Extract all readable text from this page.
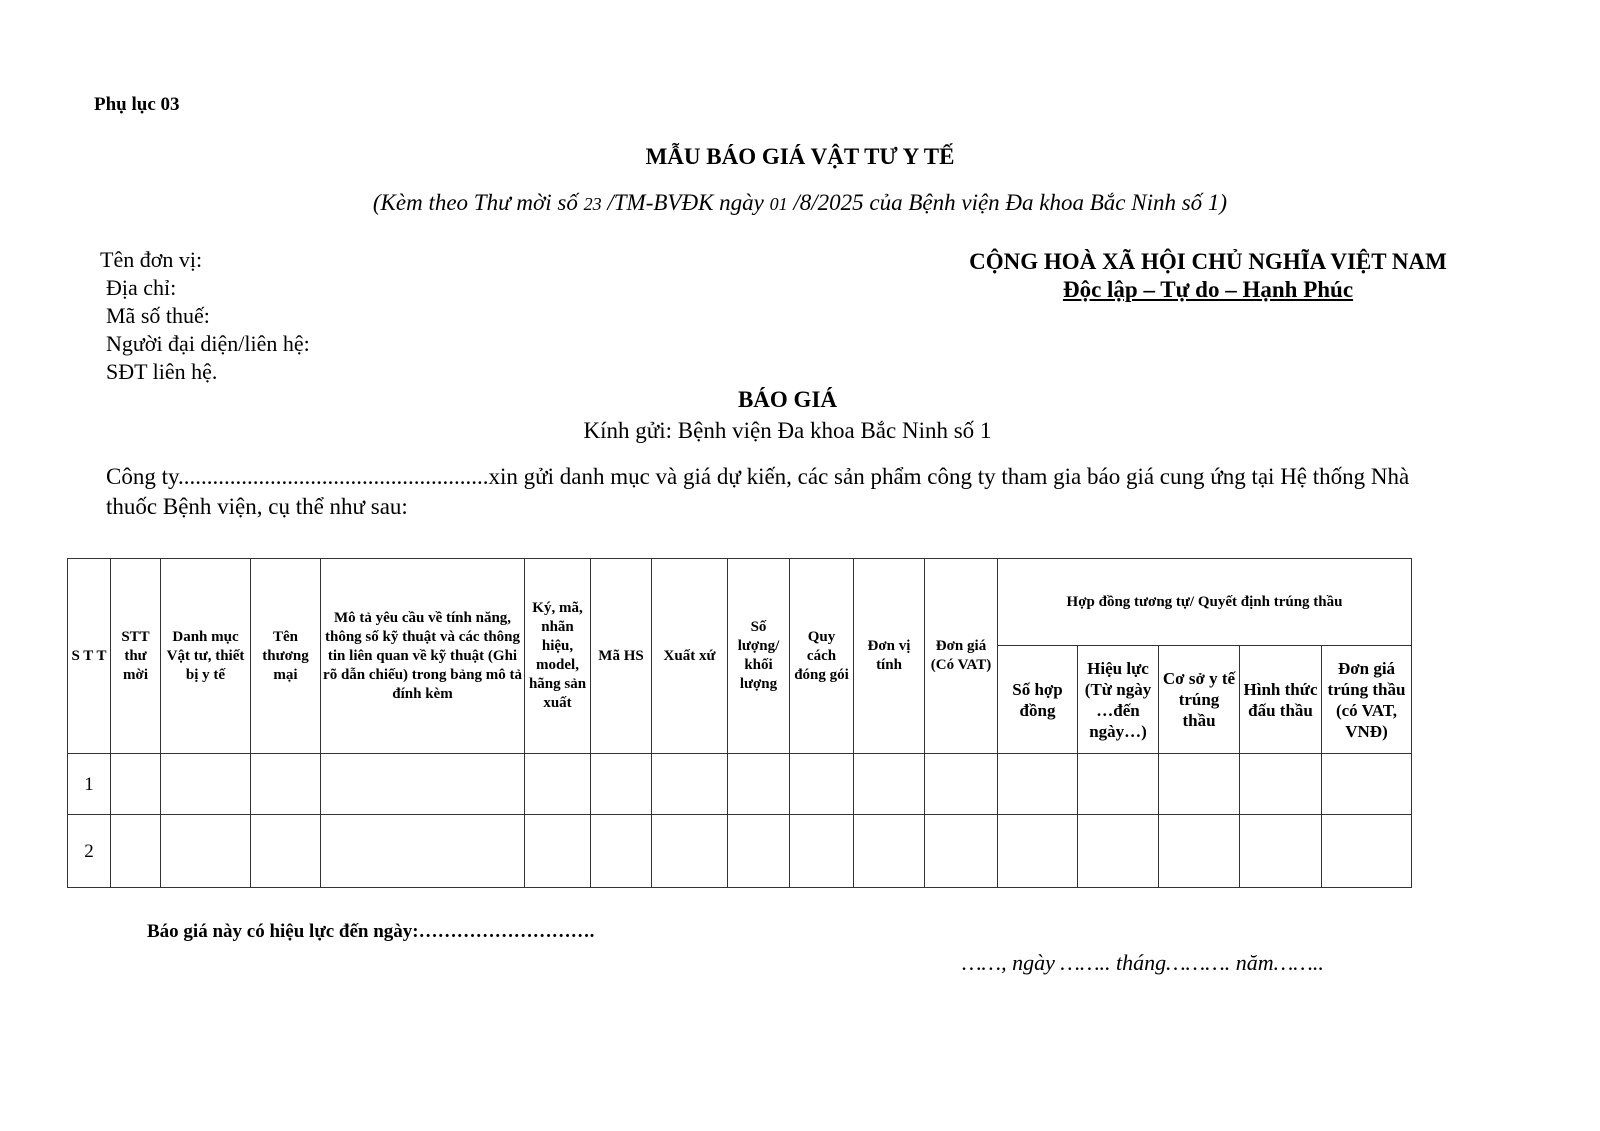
Phụ lục 03
MẪU BÁO GIÁ VẬT TƯ Y TẾ
(Kèm theo Thư mời số 23 /TM-BVĐK ngày 01 /8/2025 của Bệnh viện Đa khoa Bắc Ninh số 1)
Tên đơn vị:
Địa chỉ:
Mã số thuế:
Người đại diện/liên hệ:
SĐT liên hệ.
CỘNG HOÀ XÃ HỘI CHỦ NGHĨA VIỆT NAM
Độc lập – Tự do – Hạnh Phúc
BÁO GIÁ
Kính gửi: Bệnh viện Đa khoa Bắc Ninh số 1
Công ty......................................................xin gửi danh mục và giá dự kiến, các sản phẩm công ty tham gia báo giá cung ứng tại Hệ thống Nhà thuốc Bệnh viện, cụ thể như sau:
S T T	STT thư mời	Danh mục Vật tư, thiết bị y tế	Tên thương mại	Mô tả yêu cầu về tính năng, thông số kỹ thuật và các thông tin liên quan về kỹ thuật (Ghi rõ dẫn chiếu) trong bảng mô tả đính kèm	Ký, mã, nhãn hiệu, model, hãng sản xuất	Mã HS	Xuất xứ	Số lượng/ khối lượng	Quy cách đóng gói	Đơn vị tính	Đơn giá (Có VAT)	Hợp đồng tương tự/ Quyết định trúng thầu				
												Số hợp đồng	Hiệu lực (Từ ngày …đến ngày…)	Cơ sở y tế trúng thầu	Hình thức đấu thầu	Đơn giá trúng thầu (có VAT, VNĐ)
1																
2																
Báo giá này có hiệu lực đến ngày:……………………….
……, ngày …….. tháng………. năm……..
